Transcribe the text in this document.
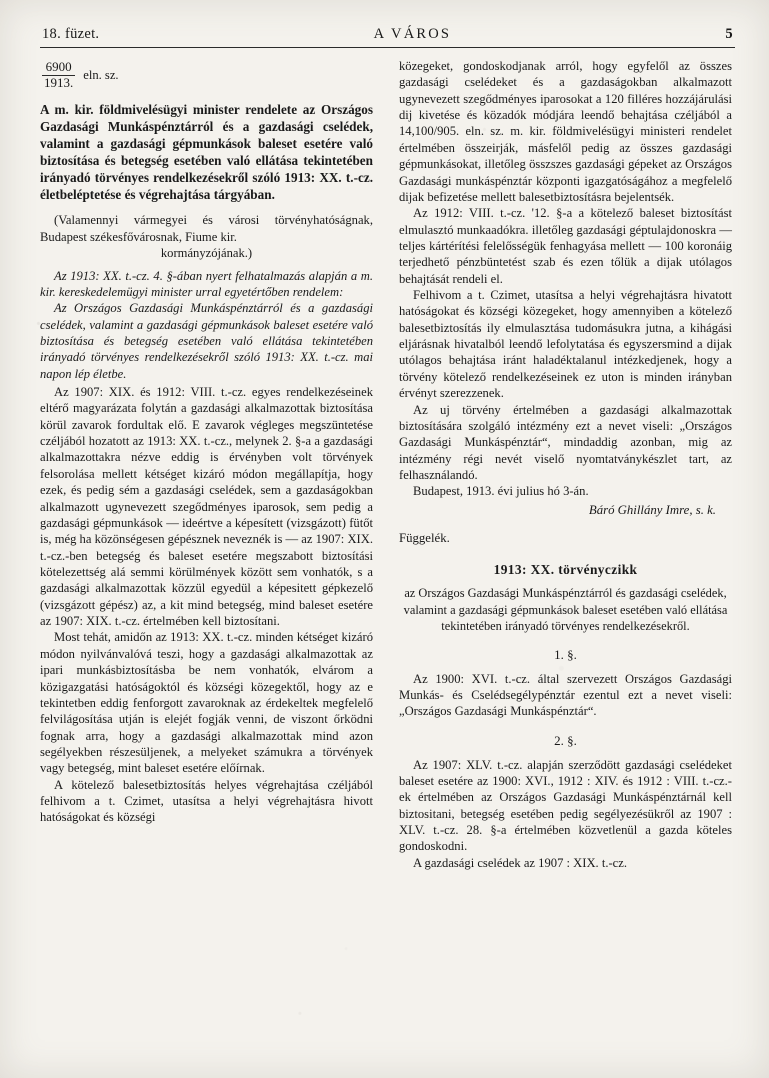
18. füzet.	A VÁROS	5
$\frac{6900}{1913.} eln$. sz.
A m. kir. földmivelésügyi minister rendelete az Országos Gazdasági Munkáspénztárról és a gazdasági cselédek, valamint a gazdasági gépmunkások baleset esetére való biztosítása és betegség esetében való ellátása tekintetében irányadó törvényes rendelkezésekről szóló 1913: XX. t.-cz. életbeléptetése és végrehajtása tárgyában.
(Valamennyi vármegyei és városi törvényhatóságnak, Budapest székesfővárosnak, Fiume kir.
kormányzójának.)

Az 1913: XX. t.-cz. 4. §-ában nyert felhatalmazás alapján a m. kir. kereskedelemügyi minister urral egyetértőben rendelem:

Az Országos Gazdasági Munkáspénztárról és a gazdasági cselédek, valamint a gazdasági gépmunkások baleset esetére való biztosítása és betegség esetében való ellátása tekintetében irányadó törvényes rendelkezésekről szóló 1913: XX. t.-cz. mai napon lép életbe.

Az 1907: XIX. és 1912: VIII. t.-cz. egyes rendelkezéseinek eltérő magyarázata folytán a gazdasági alkalmazottak biztosítása körül zavarok fordultak elő. E zavarok végleges megszüntetése czéljából hozatott az 1913: XX. t.-cz., melynek 2. §-a a gazdasági alkalmazottakra nézve eddig is érvényben volt törvények felsorolása mellett kétséget kizáró módon megállapítja, hogy ezek, és pedig sém a gazdasági cselédek, sem a gazdaságokban alkalmazott ugynevezett szegődményes iparosok, sem pedig a gazdasági gépmunkások — ideértve a képesített (vizsgázott) fütőt is, még ha közönségesen gépésznek neveznék is — az 1907: XIX. t.-cz.-ben betegség és baleset esetére megszabott biztosítási kötelezettség alá semmi körülmények között sem vonhatók, s a gazdasági alkalmazottak közzül egyedül a képesitett gépkezelő (vizsgázott gépész) az, a kit mind betegség, mind baleset esetére az 1907: XIX. t.-cz. értelmében kell biztosítani.

Most tehát, amidőn az 1913: XX. t.-cz. minden kétséget kizáró módon nyilvánvalóvá teszi, hogy a gazdasági alkalmazottak az ipari munkásbiztosításba be nem vonhatók, elvárom a közigazgatási hatóságoktól és községi közegektől, hogy az e tekintetben eddig fenforgott zavaroknak az érdekeltek megfelelő felvilágosítása utján is elejét fogják venni, de viszont őrködni fognak arra, hogy a gazdasági alkalmazottak mind azon segélyekben részesüljenek, a melyeket számukra a törvények vagy betegség, mint baleset esetére előírnak.

A kötelező balesetbiztosítás helyes végrehajtása czéljából felhivom a t. Czimet, utasítsa a helyi végrehajtásra hivott hatóságokat és községi

közegeket, gondoskodjanak arról, hogy egyfelől az összes gazdasági cselédeket és a gazdaságokban alkalmazott ugynevezett szegődményes iparosokat a 120 filléres hozzájárulási dij kivetése és közadók módjára leendő behajtása czéljából a 14,100/905. eln. sz. m. kir. földmivelésügyi ministeri rendelet értelmében összeirják, másfelől pedig az összes gazdasági gépmunkásokat, illetőleg összszes gazdasági gépeket az Országos Gazdasági munkáspénztár központi igazgatóságához a megfelelő dijak befizetése mellett balesetbiztosításra bejelentsék.

Az 1912: VIII. t.-cz. '12. §-a a kötelező baleset biztosítást elmulasztó munkaadókra. illetőleg gazdasági géptulajdonoskra — teljes kártérítési felelősségük fenhagyása mellett — 100 koronáig terjedhető pénzbüntetést szab és ezen tőlük a dijak utólagos behajtását rendeli el.

Felhivom a t. Czimet, utasítsa a helyi végrehajtásra hivatott hatóságokat és községi közegeket, hogy amennyiben a kötelező balesetbiztosítás ily elmulasztása tudomásukra jutna, a kihágási eljárásnak hivatalból leendő lefolytatása és egyszersmind a dijak utólagos behajtása iránt haladéktalanul intézkedjenek, hogy a törvény kötelező rendelkezéseinek ez uton is minden irányban érvényt szerezzenek.

Az uj törvény értelmében a gazdasági alkalmazottak biztosítására szolgáló intézmény ezt a nevet viseli: „Országos Gazdasági Munkáspénztár“, mindaddig azonban, mig az intézmény régi nevét viselő nyomtatványkészlet tart, az felhasználandó.

Budapest, 1913. évi julius hó 3-án.

Báró Ghillány Imre, s. k.
Függelék.
1913: XX. törvényczikk
az Országos Gazdasági Munkáspénztárról és gazdasági cselédek, valamint a gazdasági gépmunkások baleset esetében való ellátása tekintetében irányadó törvényes rendelkezésekről.
1. §.

Az 1900: XVI. t.-cz. által szervezett Országos Gazdasági Munkás- és Cselédsegélypénztár ezentul ezt a nevet viseli: „Országos Gazdasági Munkáspénztár“.

2. §.

Az 1907: XLV. t.-cz. alapján szerződött gazdasági cselédeket baleset esetére az 1900: XVI., 1912 : XIV. és 1912 : VIII. t.-cz.-ek értelmében az Országos Gazdasági Munkáspénztárnál kell biztositani, betegség esetében pedig segélyezésükről az 1907 : XLV. t.-cz. 28. §-a értelmében közvetlenül a gazda köteles gondoskodni.

A gazdasági cselédek az 1907 : XIX. t.-cz.
